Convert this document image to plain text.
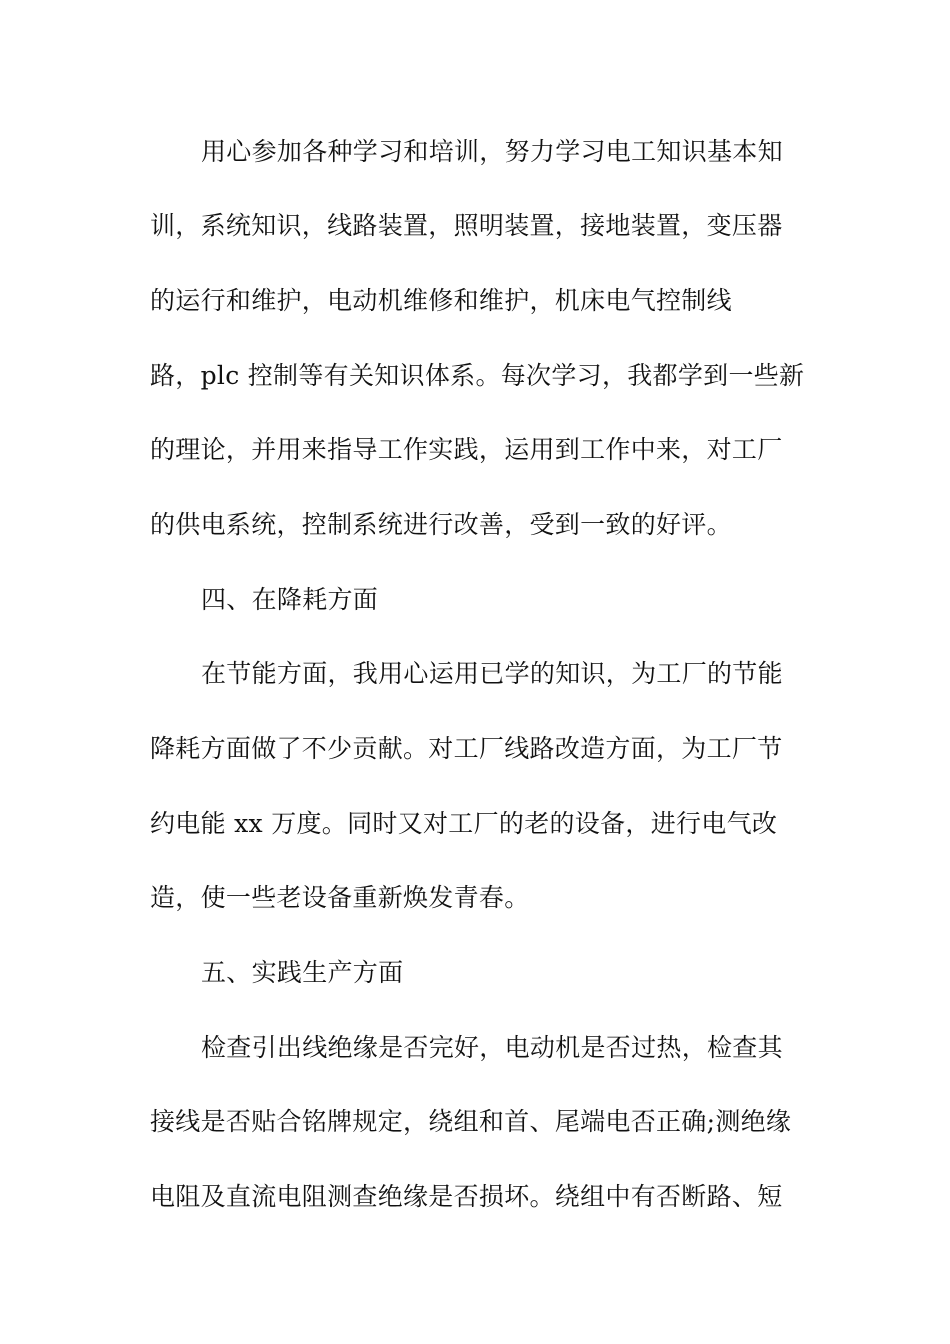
用心参加各种学习和培训，努力学习电工知识基本知
训，系统知识，线路装置，照明装置，接地装置，变压器
的运行和维护，电动机维修和维护，机床电气控制线
路，plc 控制等有关知识体系。每次学习，我都学到一些新
的理论，并用来指导工作实践，运用到工作中来，对工厂
的供电系统，控制系统进行改善，受到一致的好评。
四、在降耗方面
在节能方面，我用心运用已学的知识，为工厂的节能
降耗方面做了不少贡献。对工厂线路改造方面，为工厂节
约电能 xx 万度。同时又对工厂的老的设备，进行电气改
造，使一些老设备重新焕发青春。
五、实践生产方面
检查引出线绝缘是否完好，电动机是否过热，检查其
接线是否贴合铭牌规定，绕组和首、尾端电否正确;测绝缘
电阻及直流电阻测查绝缘是否损坏。绕组中有否断路、短
